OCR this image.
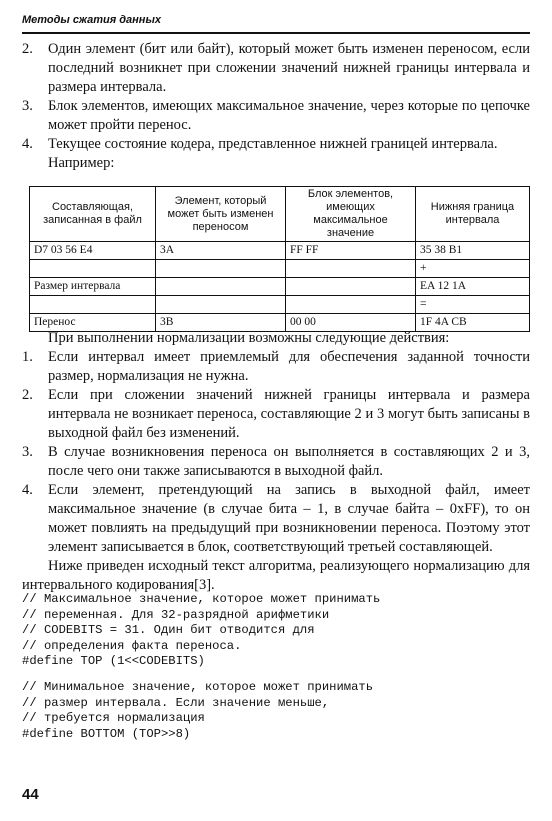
Методы сжатия данных
2. Один элемент (бит или байт), который может быть изменен переносом, если последний возникнет при сложении значений нижней границы интервала и размера интервала.
3. Блок элементов, имеющих максимальное значение, через которые по цепочке может пройти перенос.
4. Текущее состояние кодера, представленное нижней границей интервала.
Например:
Составляющая, записанная в файл	Элемент, который может быть изменен переносом	Блок элементов, имеющих максимальное значение	Нижняя граница интервала
D7 03 56 E4	3A	FF FF	35 38 B1
			+
Размер интервала			EA 12 1A
			=
Перенос	3B	00 00	1F 4A CB
При выполнении нормализации возможны следующие действия:
1. Если интервал имеет приемлемый для обеспечения заданной точности размер, нормализация не нужна.
2. Если при сложении значений нижней границы интервала и размера интервала не возникает переноса, составляющие 2 и 3 могут быть записаны в выходной файл без изменений.
3. В случае возникновения переноса он выполняется в составляющих 2 и 3, после чего они также записываются в выходной файл.
4. Если элемент, претендующий на запись в выходной файл, имеет максимальное значение (в случае бита – 1, в случае байта – 0xFF), то он может повлиять на предыдущий при возникновении переноса. Поэтому этот элемент записывается в блок, соответствующий третьей составляющей.
Ниже приведен исходный текст алгоритма, реализующего нормализацию для интервального кодирования[3].
// Максимальное значение, которое может принимать
// переменная. Для 32-разрядной арифметики
// CODEBITS = 31. Один бит отводится для
// определения факта переноса.
#define TOP (1<<CODEBITS)
// Минимальное значение, которое может принимать
// размер интервала. Если значение меньше,
// требуется нормализация
#define BOTTOM (TOP>>8)
44
